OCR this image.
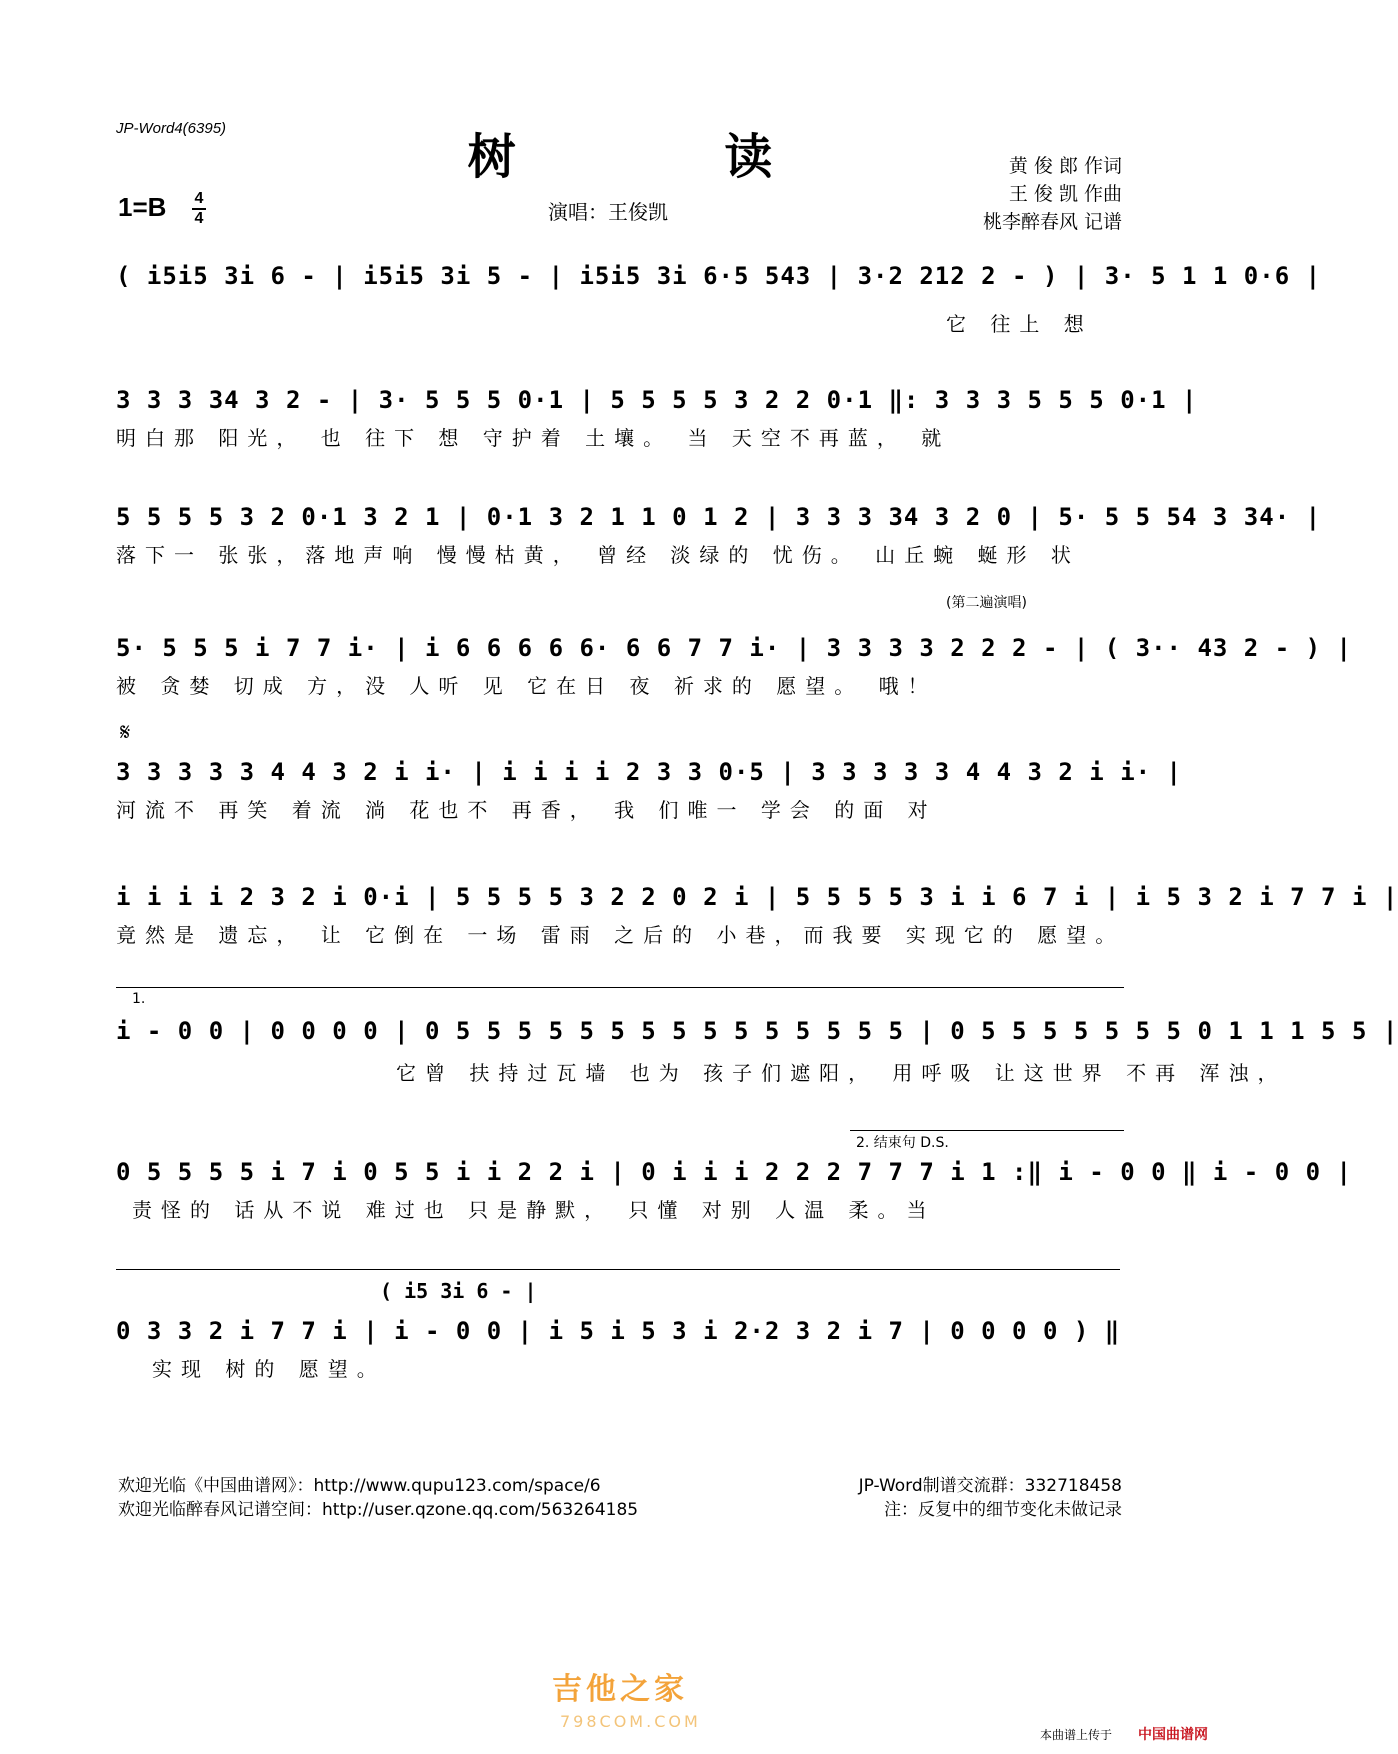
JP-Word4(6395)
树 读
1=B 4
4	演唱：王俊凯
黄 俊 郎 作词
王 俊 凯 作曲
桃李醉春风 记谱
( i5i5 3i 6 - | i5i5 3i 5 - | i5i5 3i 6·5 543 | 3·2 212 2 - ) | 3· 5 1 1 0·6 |
它 往上 想
3 3 3 34 3 2 - | 3· 5 5 5 0·1 | 5 5 5 5 3 2 2 0·1 ‖: 3 3 3 5 5 5 0·1 |
明白那 阳光， 也 往下 想 守护着 土壤。 当 天空不再蓝， 就
5 5 5 5 3 2 0·1 3 2 1 | 0·1 3 2 1 1 0 1 2 | 3 3 3 34 3 2 0 | 5· 5 5 54 3 34· |
落下一 张张，落地声响 慢慢枯黄， 曾经 淡绿的 忧伤。 山丘蜿 蜒形 状
(第二遍演唱)
5· 5 5 5 i 7 7 i· | i 6 6 6 6 6· 6 6 7 7 i· | 3 3 3 3 2 2 2 - | ( 3·· 43 2 - ) |
被 贪婪 切成 方，没 人听 见 它在日 夜 祈求的 愿望。 哦！
𝄋
3 3 3 3 3 4 4 3 2 i i· | i i i i 2 3 3 0·5 | 3 3 3 3 3 4 4 3 2 i i· |
河流不 再笑 着流 淌 花也不 再香， 我 们唯一 学会 的面 对
i i i i 2 3 2 i 0·i | 5 5 5 5 3 2 2 0 2 i | 5 5 5 5 3 i i 6 7 i | i 5 3 2 i 7 7 i |
竟然是 遗忘， 让 它倒在 一场 雷雨 之后的 小巷，而我要 实现它的 愿望。
1.
i - 0 0 | 0 0 0 0 | 0 5 5 5 5 5 5 5 5 5 5 5 5 5 5 5 | 0 5 5 5 5 5 5 5 0 1 1 1 5 5 |
它曾 扶持过瓦墙 也为 孩子们遮阳， 用呼吸 让这世界 不再 浑浊，
2. 结束句 D.S.
0 5 5 5 5 i 7 i 0 5 5 i i 2 2 i | 0 i i i 2 2 2 7 7 7 i 1 :‖ i - 0 0 ‖ i - 0 0 |
责怪的 话从不说 难过也 只是静默， 只懂 对别 人温 柔。当
( i5 3i 6 - |
0 3 3 2 i 7 7 i | i - 0 0 | i 5 i 5 3 i 2·2 3 2 i 7 | 0 0 0 0 ) ‖
实现 树的 愿望。
欢迎光临《中国曲谱网》：http://www.qupu123.com/space/6
欢迎光临醉春风记谱空间：http://user.qzone.qq.com/563264185
JP-Word制谱交流群：332718458
注：反复中的细节变化未做记录
吉他之家
798COM.COM
本曲谱上传于 中国曲谱网
